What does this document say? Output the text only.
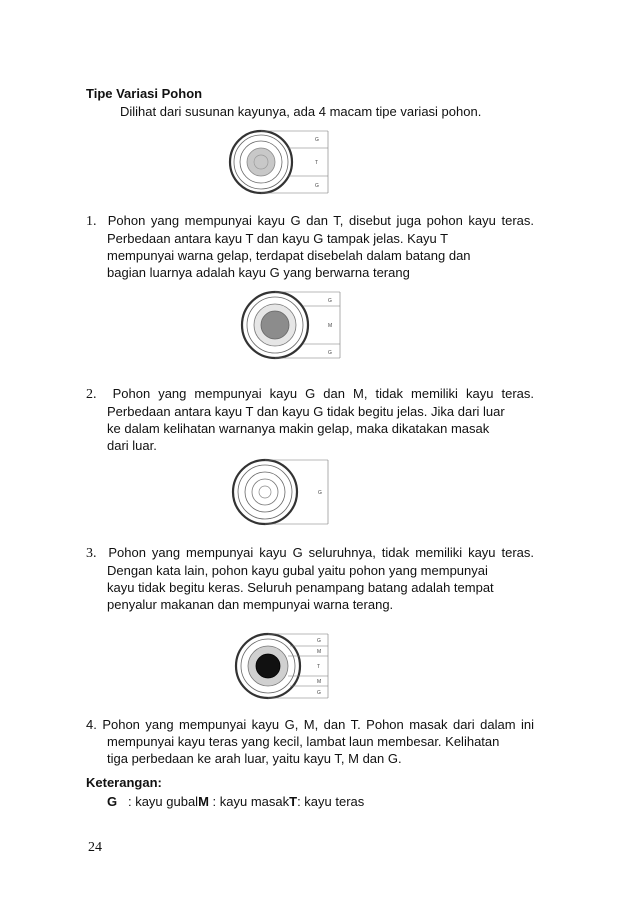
Tipe Variasi Pohon
Dilihat dari susunan kayunya, ada 4 macam tipe variasi pohon.
G
T
G
1. Pohon yang mempunyai kayu G dan T, disebut juga pohon kayu teras.
Perbedaan antara kayu T dan kayu G tampak jelas. Kayu T
mempunyai warna gelap, terdapat disebelah dalam batang dan
bagian luarnya adalah kayu G yang berwarna terang
G
M
G
2. Pohon yang mempunyai kayu G dan M, tidak memiliki kayu teras.
Perbedaan antara kayu T dan kayu G tidak begitu jelas. Jika dari luar
ke dalam kelihatan warnanya makin gelap, maka dikatakan masak
dari luar.
G
3. Pohon yang mempunyai kayu G seluruhnya, tidak memiliki kayu teras.
Dengan kata lain, pohon kayu gubal yaitu pohon yang mempunyai
kayu tidak begitu keras. Seluruh penampang batang adalah tempat
penyalur makanan dan mempunyai warna terang.
G
M
T
M
G
4. Pohon yang mempunyai kayu G, M, dan T. Pohon masak dari dalam ini
mempunyai kayu teras yang kecil, lambat laun membesar. Kelihatan
tiga perbedaan ke arah luar, yaitu kayu T, M dan G.
Keterangan:
G : kayu gubalM : kayu masakT: kayu teras
24
